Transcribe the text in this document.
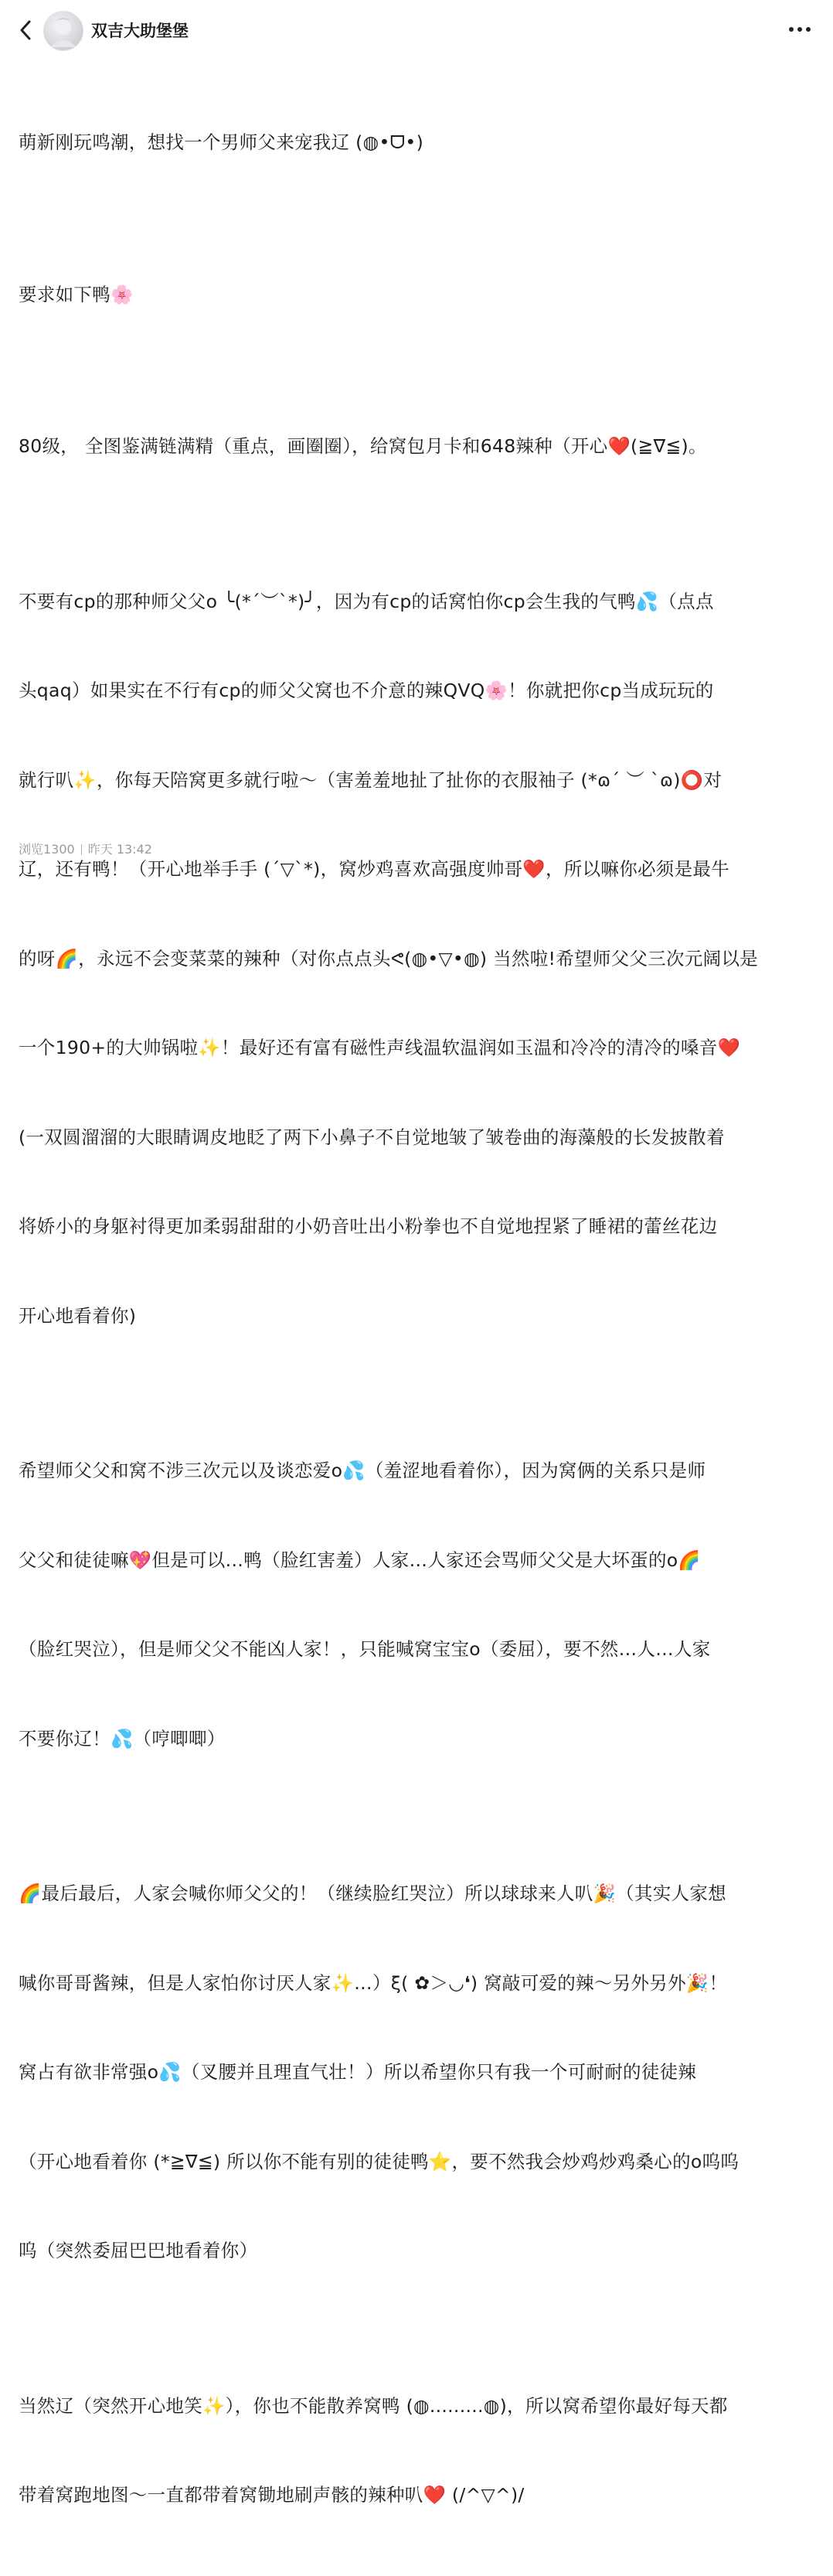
双吉大助堡堡

萌新刚玩鸣潮，想找一个男师父来宠我辽 (◍•ᗜ•)

要求如下鸭🌸

80级， 全图鉴满链满精（重点，画圈圈），给窝包月卡和648辣种（开心❤️(≧∇≦)。

不要有cp的那种师父父o ╰(*´︶`*)╯，因为有cp的话窝怕你cp会生我的气鸭💦（点点

头qaq）如果实在不行有cp的师父父窝也不介意的辣QVQ🌸！你就把你cp当成玩玩的

就行叭✨，你每天陪窝更多就行啦～（害羞羞地扯了扯你的衣服袖子 (*ɷ´ ︶ `ɷ)⭕对

辽，还有鸭！（开心地举手手 (´▽`*)，窝炒鸡喜欢高强度帅哥❤️，所以嘛你必须是最牛

的呀🌈，永远不会变菜菜的辣种（对你点点头ᕙ(◍•▽•◍) 当然啦!希望师父父三次元阔以是

一个190+的大帅锅啦✨！最好还有富有磁性声线温软温润如玉温和冷冷的清冷的嗓音❤️

(一双圆溜溜的大眼睛调皮地眨了两下小鼻子不自觉地皱了皱卷曲的海藻般的长发披散着

将娇小的身躯衬得更加柔弱甜甜的小奶音吐出小粉拳也不自觉地捏紧了睡裙的蕾丝花边

开心地看着你)

希望师父父和窝不涉三次元以及谈恋爱o💦（羞涩地看着你），因为窝俩的关系只是师

父父和徒徒嘛💖但是可以…鸭（脸红害羞）人家…人家还会骂师父父是大坏蛋的o🌈

（脸红哭泣），但是师父父不能凶人家！，只能喊窝宝宝o（委屈），要不然…人…人家

不要你辽！💦（哼唧唧）

🌈最后最后，人家会喊你师父父的！（继续脸红哭泣）所以球球来人叭🎉（其实人家想

喊你哥哥酱辣，但是人家怕你讨厌人家✨…）ξ( ✿＞◡❛) 窝敲可爱的辣～另外另外🎉！

窝占有欲非常强o💦（叉腰并且理直气壮！）所以希望你只有我一个可耐耐的徒徒辣

（开心地看着你 (*≧∇≦) 所以你不能有别的徒徒鸭⭐，要不然我会炒鸡炒鸡桑心的o呜呜

呜（突然委屈巴巴地看着你）

当然辽（突然开心地笑✨），你也不能散养窝鸭 (◍.........◍)，所以窝希望你最好每天都

带着窝跑地图～一直都带着窝锄地刷声骸的辣种叭❤️ (/^▽^)/

浏览1300 昨天 13:42
